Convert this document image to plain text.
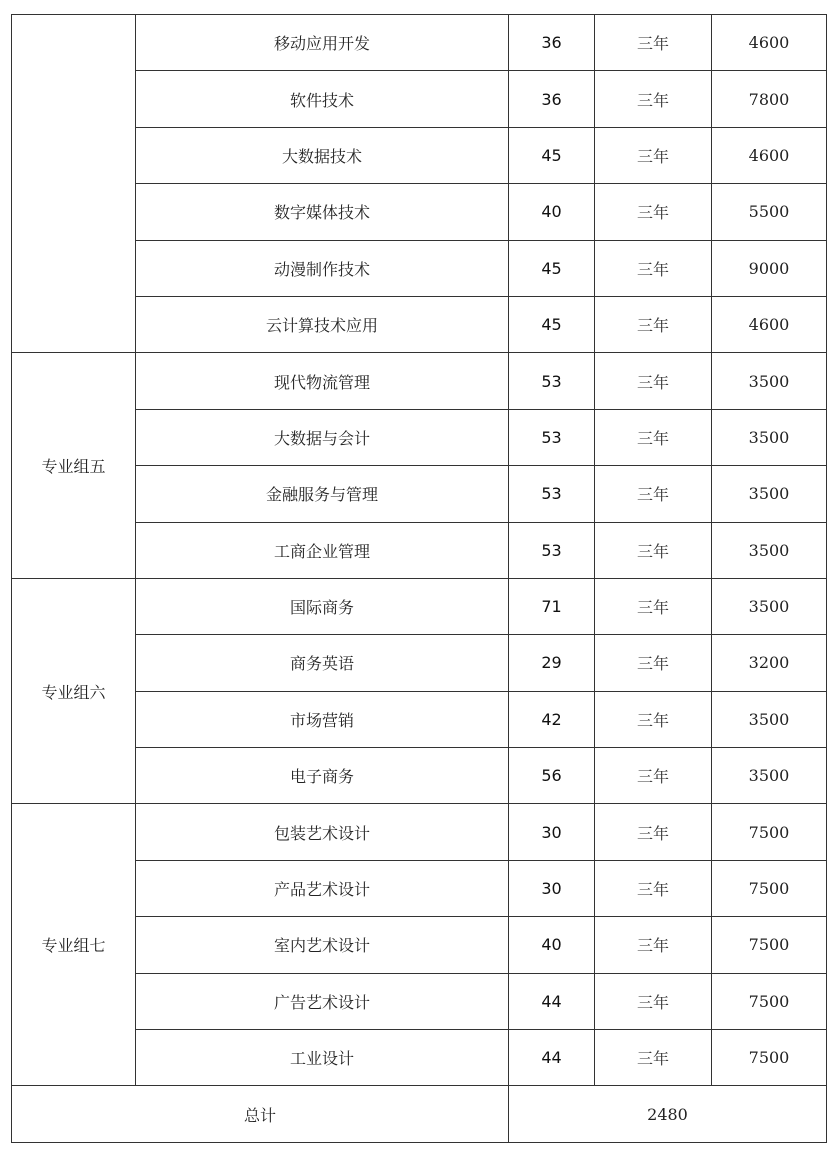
	移动应用开发	36	三年	4600
	软件技术	36	三年	7800
	大数据技术	45	三年	4600
	数字媒体技术	40	三年	5500
	动漫制作技术	45	三年	9000
	云计算技术应用	45	三年	4600
专业组五	现代物流管理	53	三年	3500
	大数据与会计	53	三年	3500
	金融服务与管理	53	三年	3500
	工商企业管理	53	三年	3500
专业组六	国际商务	71	三年	3500
	商务英语	29	三年	3200
	市场营销	42	三年	3500
	电子商务	56	三年	3500
专业组七	包装艺术设计	30	三年	7500
	产品艺术设计	30	三年	7500
	室内艺术设计	40	三年	7500
	广告艺术设计	44	三年	7500
	工业设计	44	三年	7500
总计		2480		
